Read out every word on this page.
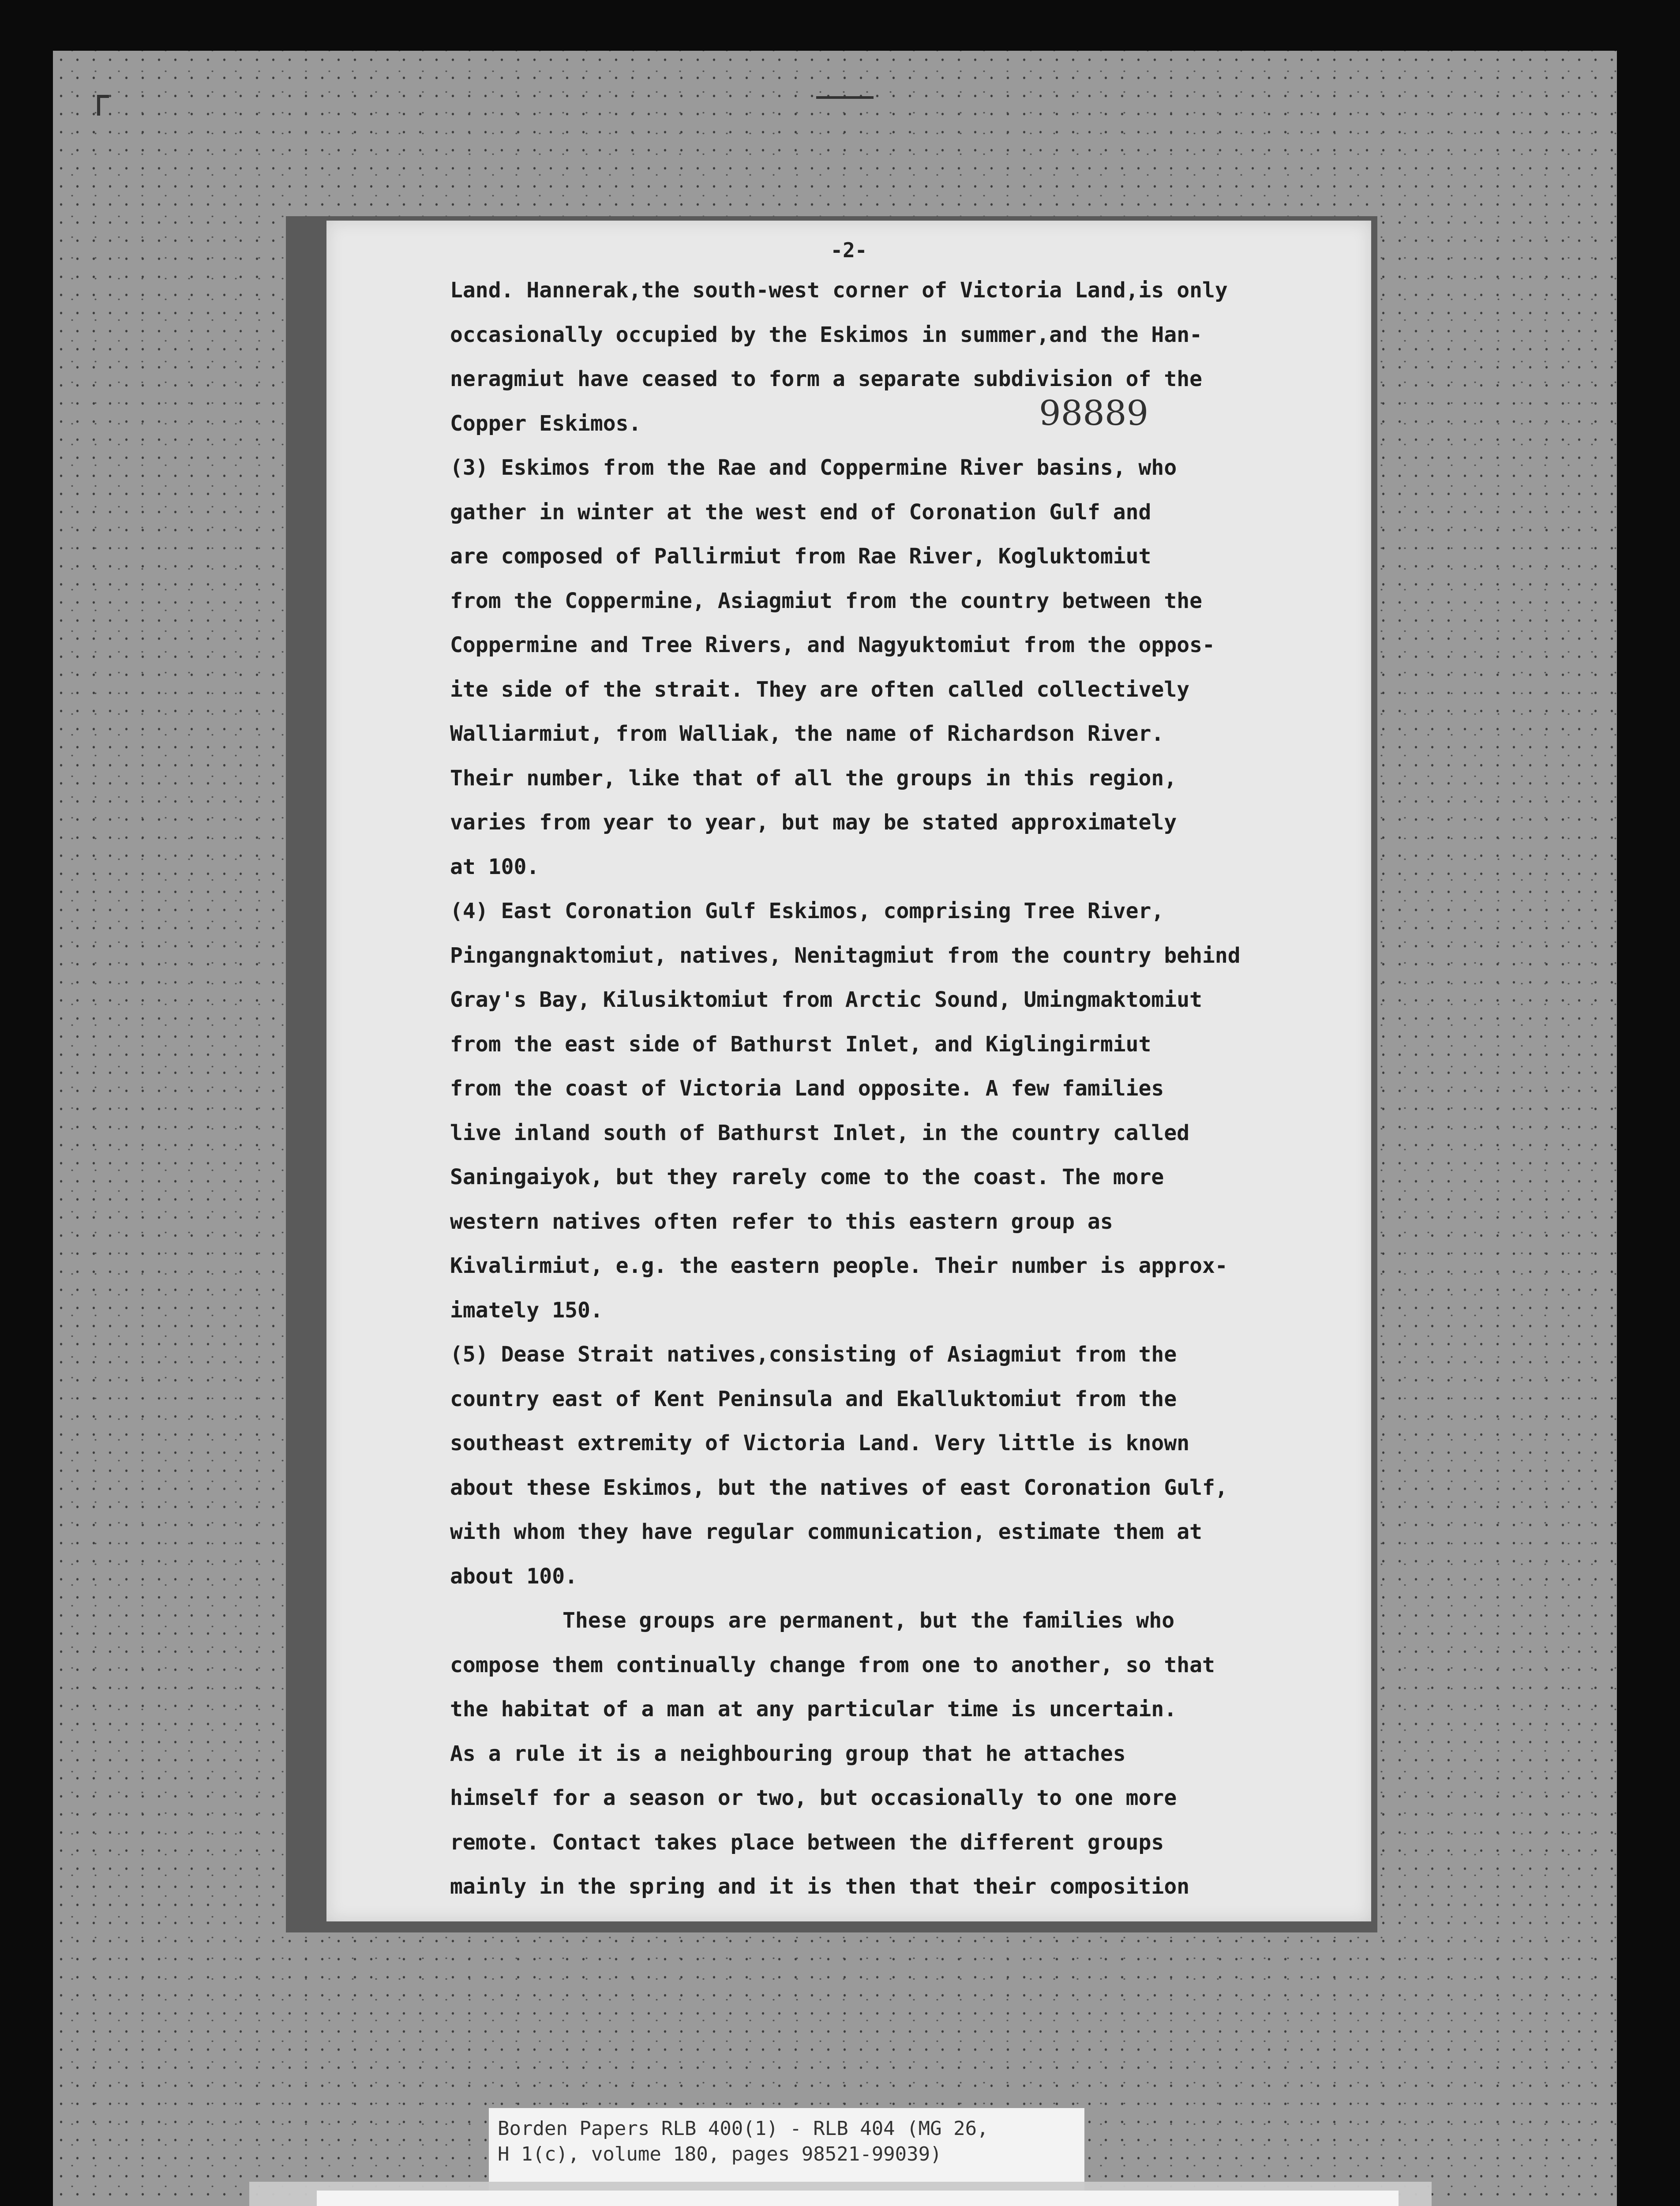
-2-
98889
Land. Hannerak,the south-west corner of Victoria Land,is only
occasionally occupied by the Eskimos in summer,and the Han-
neragmiut have ceased to form a separate subdivision of the
Copper Eskimos.
(3) Eskimos from the Rae and Coppermine River basins, who
gather in winter at the west end of Coronation Gulf and
are composed of Pallirmiut from Rae River, Kogluktomiut
from the Coppermine, Asiagmiut from the country between the
Coppermine and Tree Rivers, and Nagyuktomiut from the oppos-
ite side of the strait. They are often called collectively
Walliarmiut, from Walliak, the name of Richardson River.
Their number, like that of all the groups in this region,
varies from year to year, but may be stated approximately
at 100.
(4) East Coronation Gulf Eskimos, comprising Tree River,
Pingangnaktomiut, natives, Nenitagmiut from the country behind
Gray's Bay, Kilusiktomiut from Arctic Sound, Umingmaktomiut
from the east side of Bathurst Inlet, and Kiglingirmiut
from the coast of Victoria Land opposite. A few families
live inland south of Bathurst Inlet, in the country called
Saningaiyok, but they rarely come to the coast. The more
western natives often refer to this eastern group as
Kivalirmiut, e.g. the eastern people. Their number is approx-
imately 150.
(5) Dease Strait natives,consisting of Asiagmiut from the
country east of Kent Peninsula and Ekalluktomiut from the
southeast extremity of Victoria Land. Very little is known
about these Eskimos, but the natives of east Coronation Gulf,
with whom they have regular communication, estimate them at
about 100.
These groups are permanent, but the families who
compose them continually change from one to another, so that
the habitat of a man at any particular time is uncertain.
As a rule it is a neighbouring group that he attaches
himself for a season or two, but occasionally to one more
remote. Contact takes place between the different groups
mainly in the spring and it is then that their composition
Borden Papers RLB 400(1) - RLB 404 (MG 26,
H 1(c), volume 180, pages 98521-99039)
